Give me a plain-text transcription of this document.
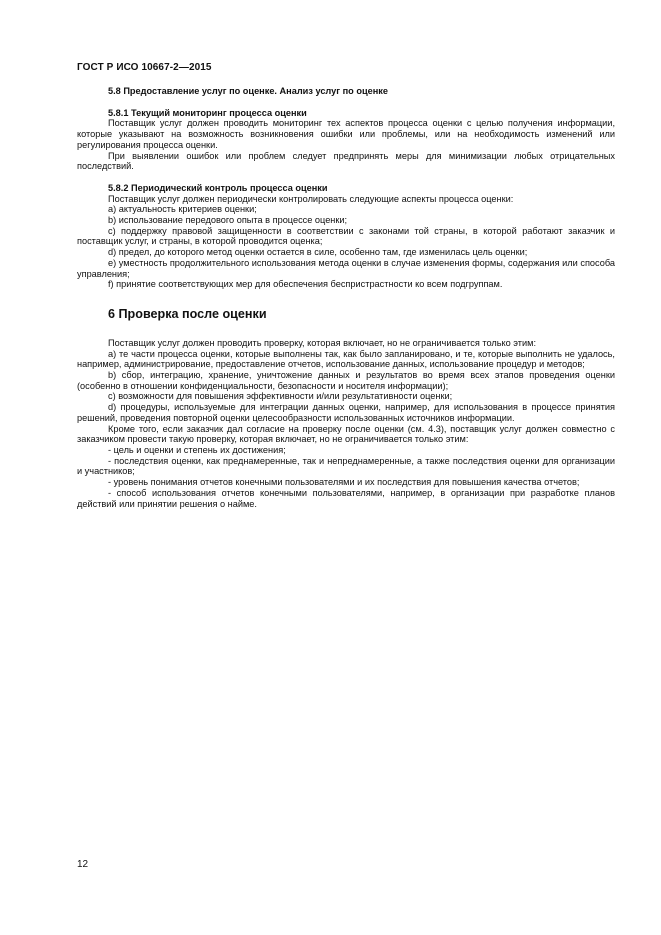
ГОСТ Р ИСО 10667-2—2015

5.8 Предоставление услуг по оценке. Анализ услуг по оценке

5.8.1 Текущий мониторинг процесса оценки

Поставщик услуг должен проводить мониторинг тех аспектов процесса оценки с целью получения информации, которые указывают на возможность возникновения ошибки или проблемы, или на необходимость изменений или регулирования процесса оценки.

При выявлении ошибок или проблем следует предпринять меры для минимизации любых отрицательных последствий.

5.8.2 Периодический контроль процесса оценки

Поставщик услуг должен периодически контролировать следующие аспекты процесса оценки:

a) актуальность критериев оценки;

b) использование передового опыта в процессе оценки;

c) поддержку правовой защищенности в соответствии с законами той страны, в которой работают заказчик и поставщик услуг, и страны, в которой проводится оценка;

d) предел, до которого метод оценки остается в силе, особенно там, где изменилась цель оценки;

e) уместность продолжительного использования метода оценки в случае изменения формы, содержания или способа управления;

f) принятие соответствующих мер для обеспечения беспристрастности ко всем подгруппам.

6 Проверка после оценки

Поставщик услуг должен проводить проверку, которая включает, но не ограничивается только этим:

a) те части процесса оценки, которые выполнены так, как было запланировано, и те, которые выполнить не удалось, например, администрирование, предоставление отчетов, использование данных, использование процедур и методов;

b) сбор, интеграцию, хранение, уничтожение данных и результатов во время всех этапов проведения оценки (особенно в отношении конфиденциальности, безопасности и носителя информации);

c) возможности для повышения эффективности и/или результативности оценки;

d) процедуры, используемые для интеграции данных оценки, например, для использования в процессе принятия решений, проведения повторной оценки целесообразности использованных источников информации.

Кроме того, если заказчик дал согласие на проверку после оценки (см. 4.3), поставщик услуг должен совместно с заказчиком провести такую проверку, которая включает, но не ограничивается только этим:

- цель и оценки и степень их достижения;

- последствия оценки, как преднамеренные, так и непреднамеренные, а также последствия оценки для организации и участников;

- уровень понимания отчетов конечными пользователями и их последствия для повышения качества отчетов;

- способ использования отчетов конечными пользователями, например, в организации при разработке планов действий или принятии решения о найме.

12
